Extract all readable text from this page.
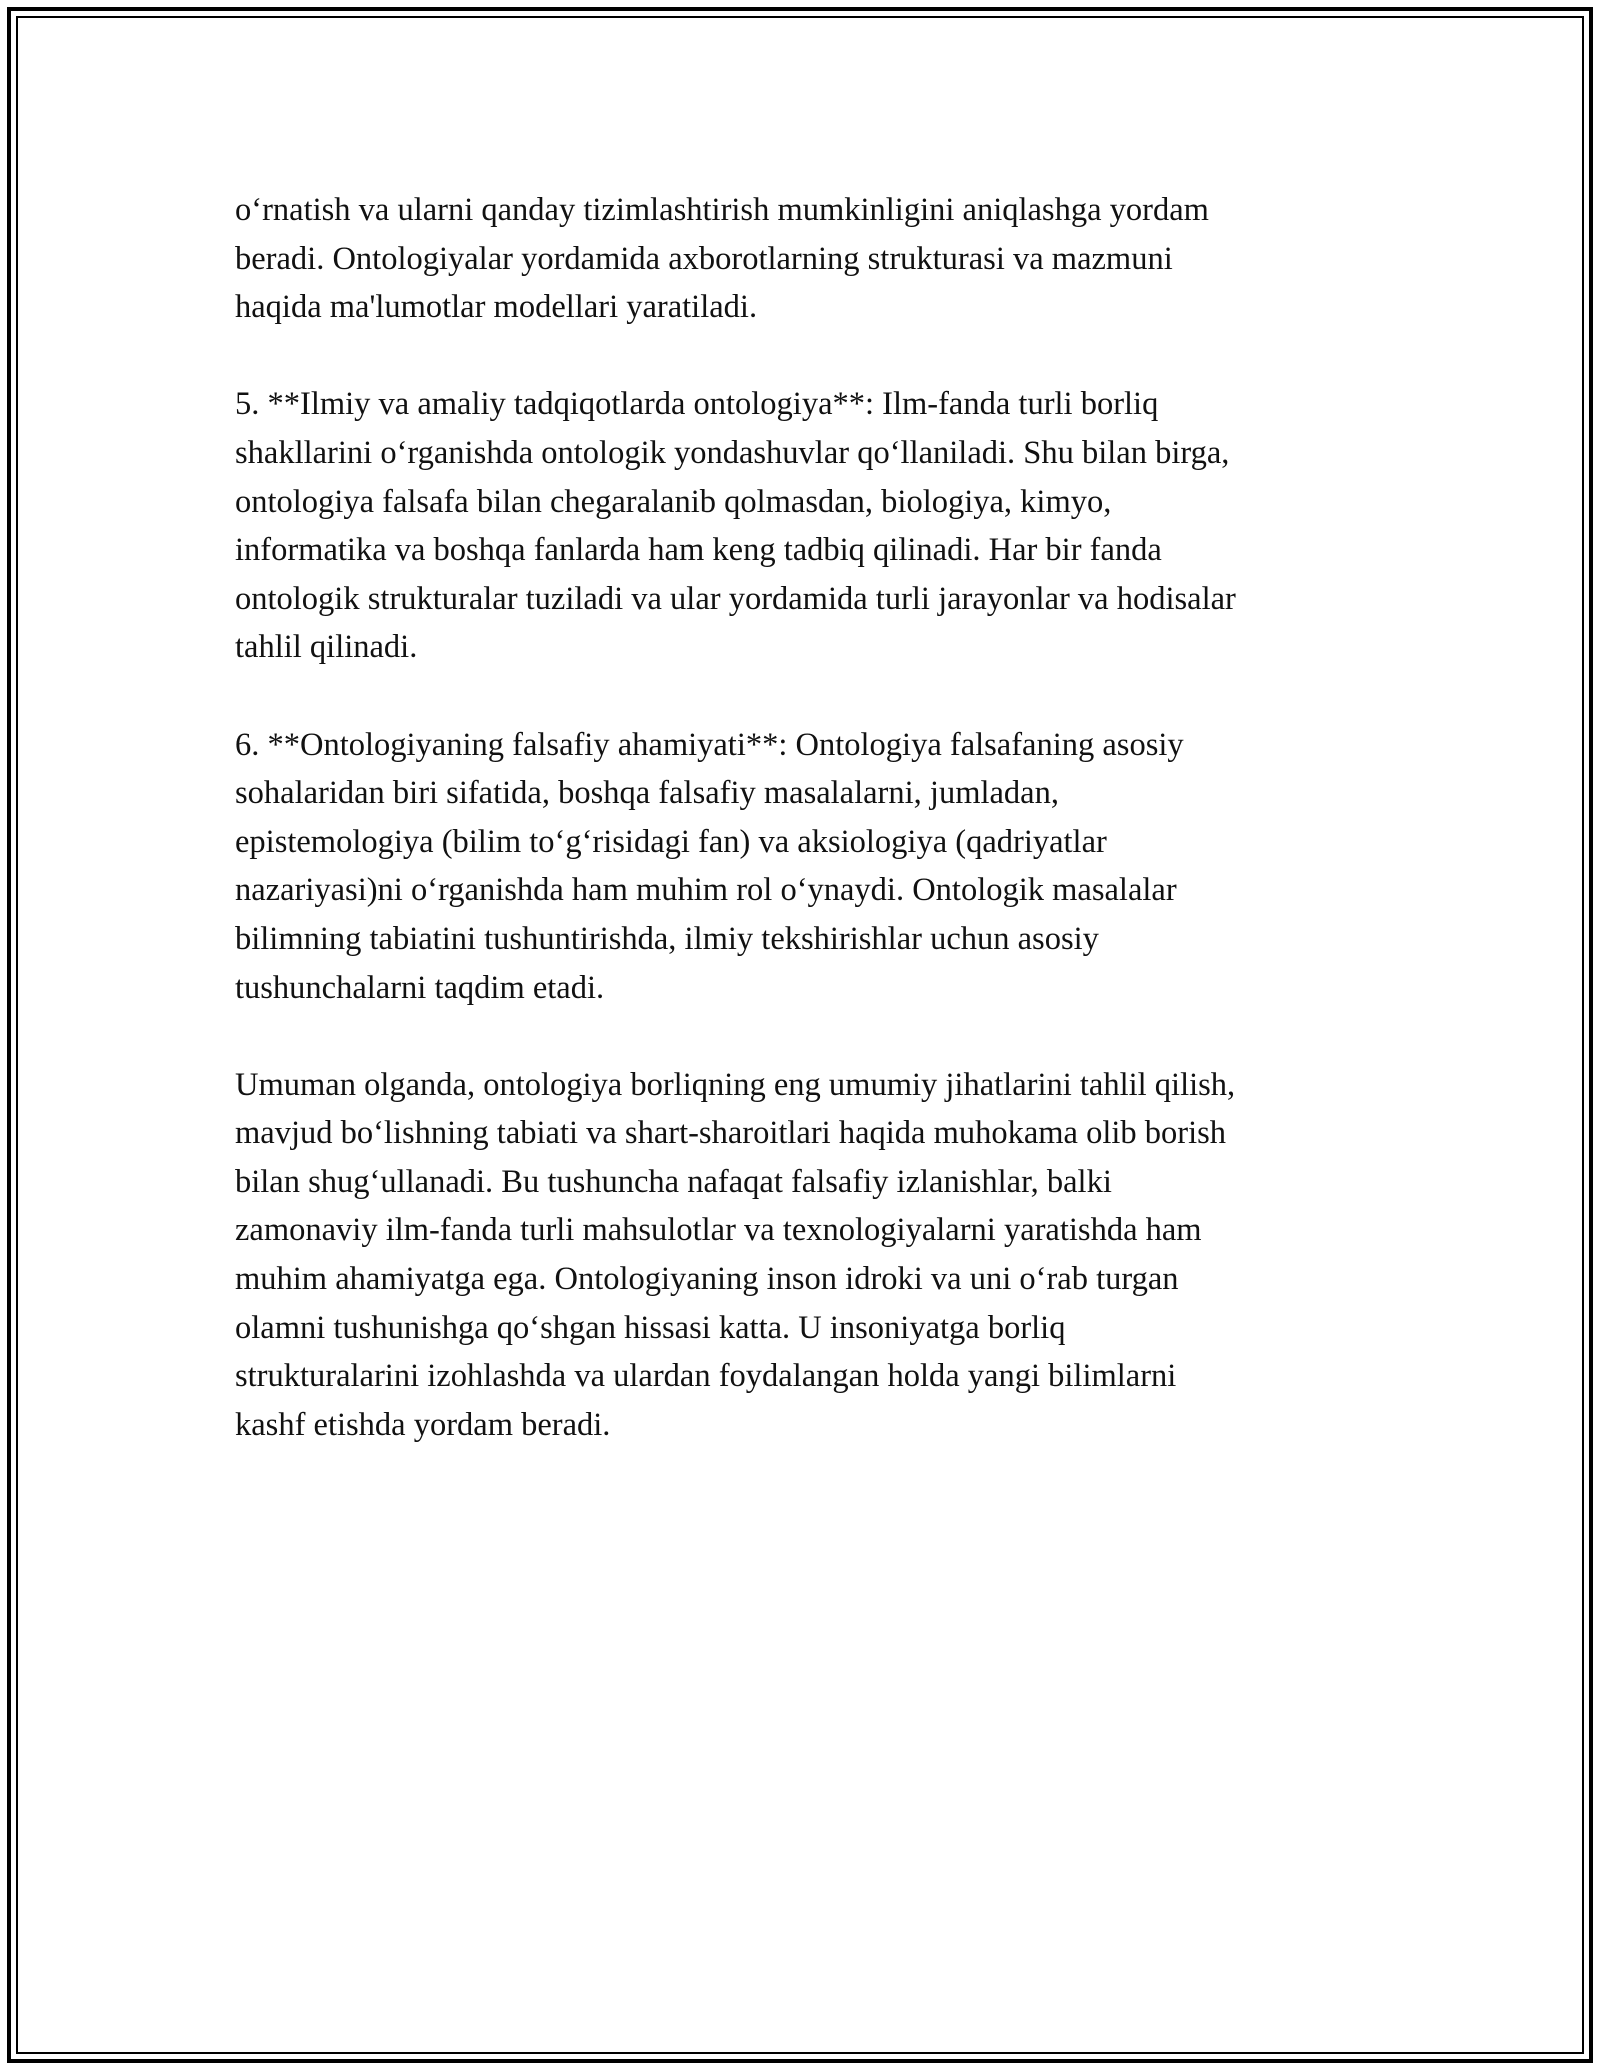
o‘rnatish va ularni qanday tizimlashtirish mumkinligini aniqlashga yordam
beradi. Ontologiyalar yordamida axborotlarning strukturasi va mazmuni
haqida ma'lumotlar modellari yaratiladi.
5. **Ilmiy va amaliy tadqiqotlarda ontologiya**: Ilm-fanda turli borliq
shakllarini o‘rganishda ontologik yondashuvlar qo‘llaniladi. Shu bilan birga,
ontologiya falsafa bilan chegaralanib qolmasdan, biologiya, kimyo,
informatika va boshqa fanlarda ham keng tadbiq qilinadi. Har bir fanda
ontologik strukturalar tuziladi va ular yordamida turli jarayonlar va hodisalar
tahlil qilinadi.
6. **Ontologiyaning falsafiy ahamiyati**: Ontologiya falsafaning asosiy
sohalaridan biri sifatida, boshqa falsafiy masalalarni, jumladan,
epistemologiya (bilim to‘g‘risidagi fan) va aksiologiya (qadriyatlar
nazariyasi)ni o‘rganishda ham muhim rol o‘ynaydi. Ontologik masalalar
bilimning tabiatini tushuntirishda, ilmiy tekshirishlar uchun asosiy
tushunchalarni taqdim etadi.
Umuman olganda, ontologiya borliqning eng umumiy jihatlarini tahlil qilish,
mavjud bo‘lishning tabiati va shart-sharoitlari haqida muhokama olib borish
bilan shug‘ullanadi. Bu tushuncha nafaqat falsafiy izlanishlar, balki
zamonaviy ilm-fanda turli mahsulotlar va texnologiyalarni yaratishda ham
muhim ahamiyatga ega. Ontologiyaning inson idroki va uni o‘rab turgan
olamni tushunishga qo‘shgan hissasi katta. U insoniyatga borliq
strukturalarini izohlashda va ulardan foydalangan holda yangi bilimlarni
kashf etishda yordam beradi.
